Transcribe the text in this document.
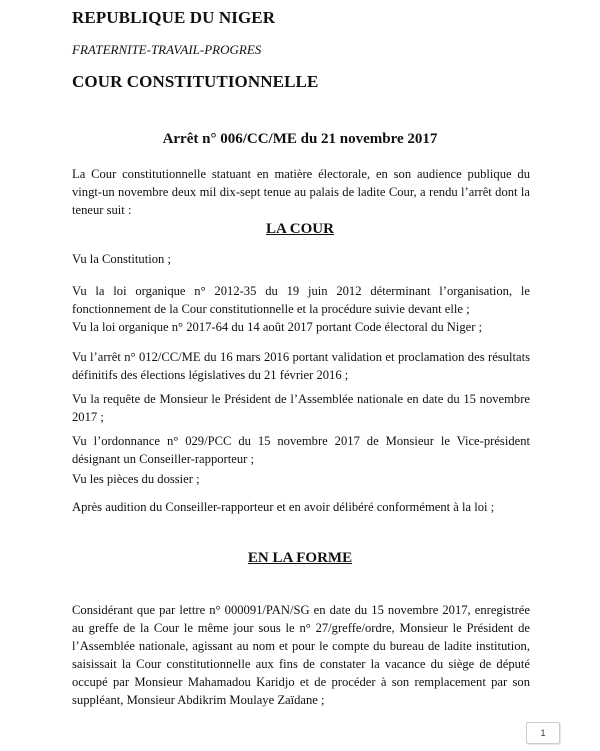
REPUBLIQUE DU NIGER

FRATERNITE-TRAVAIL-PROGRES

COUR CONSTITUTIONNELLE

Arrêt n° 006/CC/ME du 21 novembre 2017

La Cour constitutionnelle statuant en matière électorale, en son audience publique du vingt-un novembre deux mil dix-sept tenue au palais de ladite Cour, a rendu l’arrêt dont la teneur suit :

LA COUR

Vu la Constitution ;

Vu la loi organique n° 2012-35 du 19 juin 2012 déterminant l’organisation, le fonctionnement de la Cour constitutionnelle et la procédure suivie devant elle ;

Vu la loi organique n° 2017-64 du 14 août 2017 portant Code électoral du Niger ;

Vu l’arrêt n° 012/CC/ME du 16 mars 2016 portant validation et proclamation des résultats définitifs des élections législatives du 21 février 2016 ;

Vu la requête de Monsieur le Président de l’Assemblée nationale en date du 15 novembre 2017 ;

Vu l’ordonnance n° 029/PCC du 15 novembre 2017 de Monsieur le Vice-président désignant un Conseiller-rapporteur ;

Vu les pièces du dossier ;

Après audition du Conseiller-rapporteur et en avoir délibéré conformément à la loi ;

EN LA FORME

Considérant que par lettre n° 000091/PAN/SG en date du 15 novembre 2017, enregistrée au greffe de la Cour le même jour sous le n° 27/greffe/ordre, Monsieur le Président de l’Assemblée nationale, agissant au nom et pour le compte du bureau de ladite institution, saisissait la Cour constitutionnelle aux fins de constater la vacance du siège de député occupé par Monsieur Mahamadou Karidjo et de procéder à son remplacement par son suppléant, Monsieur Abdikrim Moulaye Zaïdane ;

1
